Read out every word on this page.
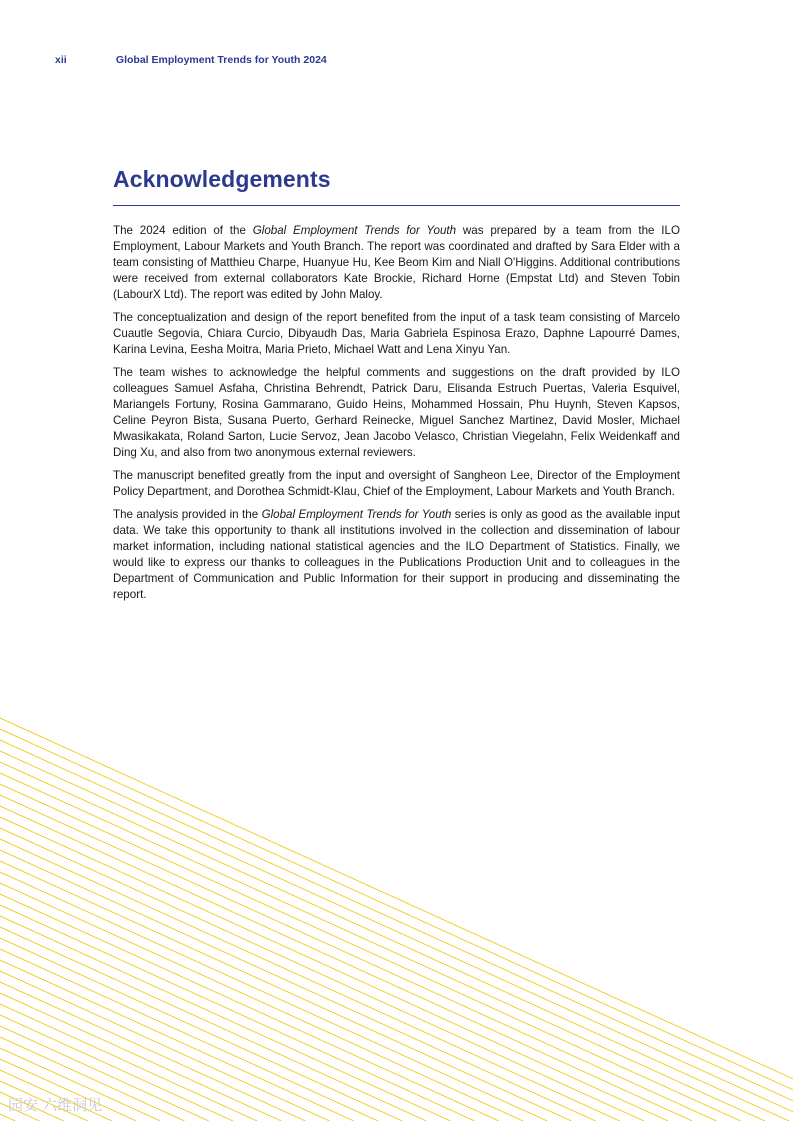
xii	Global Employment Trends for Youth 2024
Acknowledgements

The 2024 edition of the Global Employment Trends for Youth was prepared by a team from the ILO Employment, Labour Markets and Youth Branch. The report was coordinated and drafted by Sara Elder with a team consisting of Matthieu Charpe, Huanyue Hu, Kee Beom Kim and Niall O'Higgins. Additional contributions were received from external collaborators Kate Brockie, Richard Horne (Empstat Ltd) and Steven Tobin (LabourX Ltd). The report was edited by John Maloy.

The conceptualization and design of the report benefited from the input of a task team consisting of Marcelo Cuautle Segovia, Chiara Curcio, Dibyaudh Das, Maria Gabriela Espinosa Erazo, Daphne Lapourré Dames, Karina Levina, Eesha Moitra, Maria Prieto, Michael Watt and Lena Xinyu Yan.

The team wishes to acknowledge the helpful comments and suggestions on the draft provided by ILO colleagues Samuel Asfaha, Christina Behrendt, Patrick Daru, Elisanda Estruch Puertas, Valeria Esquivel, Mariangels Fortuny, Rosina Gammarano, Guido Heins, Mohammed Hossain, Phu Huynh, Steven Kapsos, Celine Peyron Bista, Susana Puerto, Gerhard Reinecke, Miguel Sanchez Martinez, David Mosler, Michael Mwasikakata, Roland Sarton, Lucie Servoz, Jean Jacobo Velasco, Christian Viegelahn, Felix Weidenkaff and Ding Xu, and also from two anonymous external reviewers.

The manuscript benefited greatly from the input and oversight of Sangheon Lee, Director of the Employment Policy Department, and Dorothea Schmidt-Klau, Chief of the Employment, Labour Markets and Youth Branch.

The analysis provided in the Global Employment Trends for Youth series is only as good as the available input data. We take this opportunity to thank all institutions involved in the collection and dissemination of labour market information, including national statistical agencies and the ILO Department of Statistics. Finally, we would like to express our thanks to colleagues in the Publications Production Unit and to colleagues in the Department of Communication and Public Information for their support in producing and disseminating the report.

园安 六维洞见
